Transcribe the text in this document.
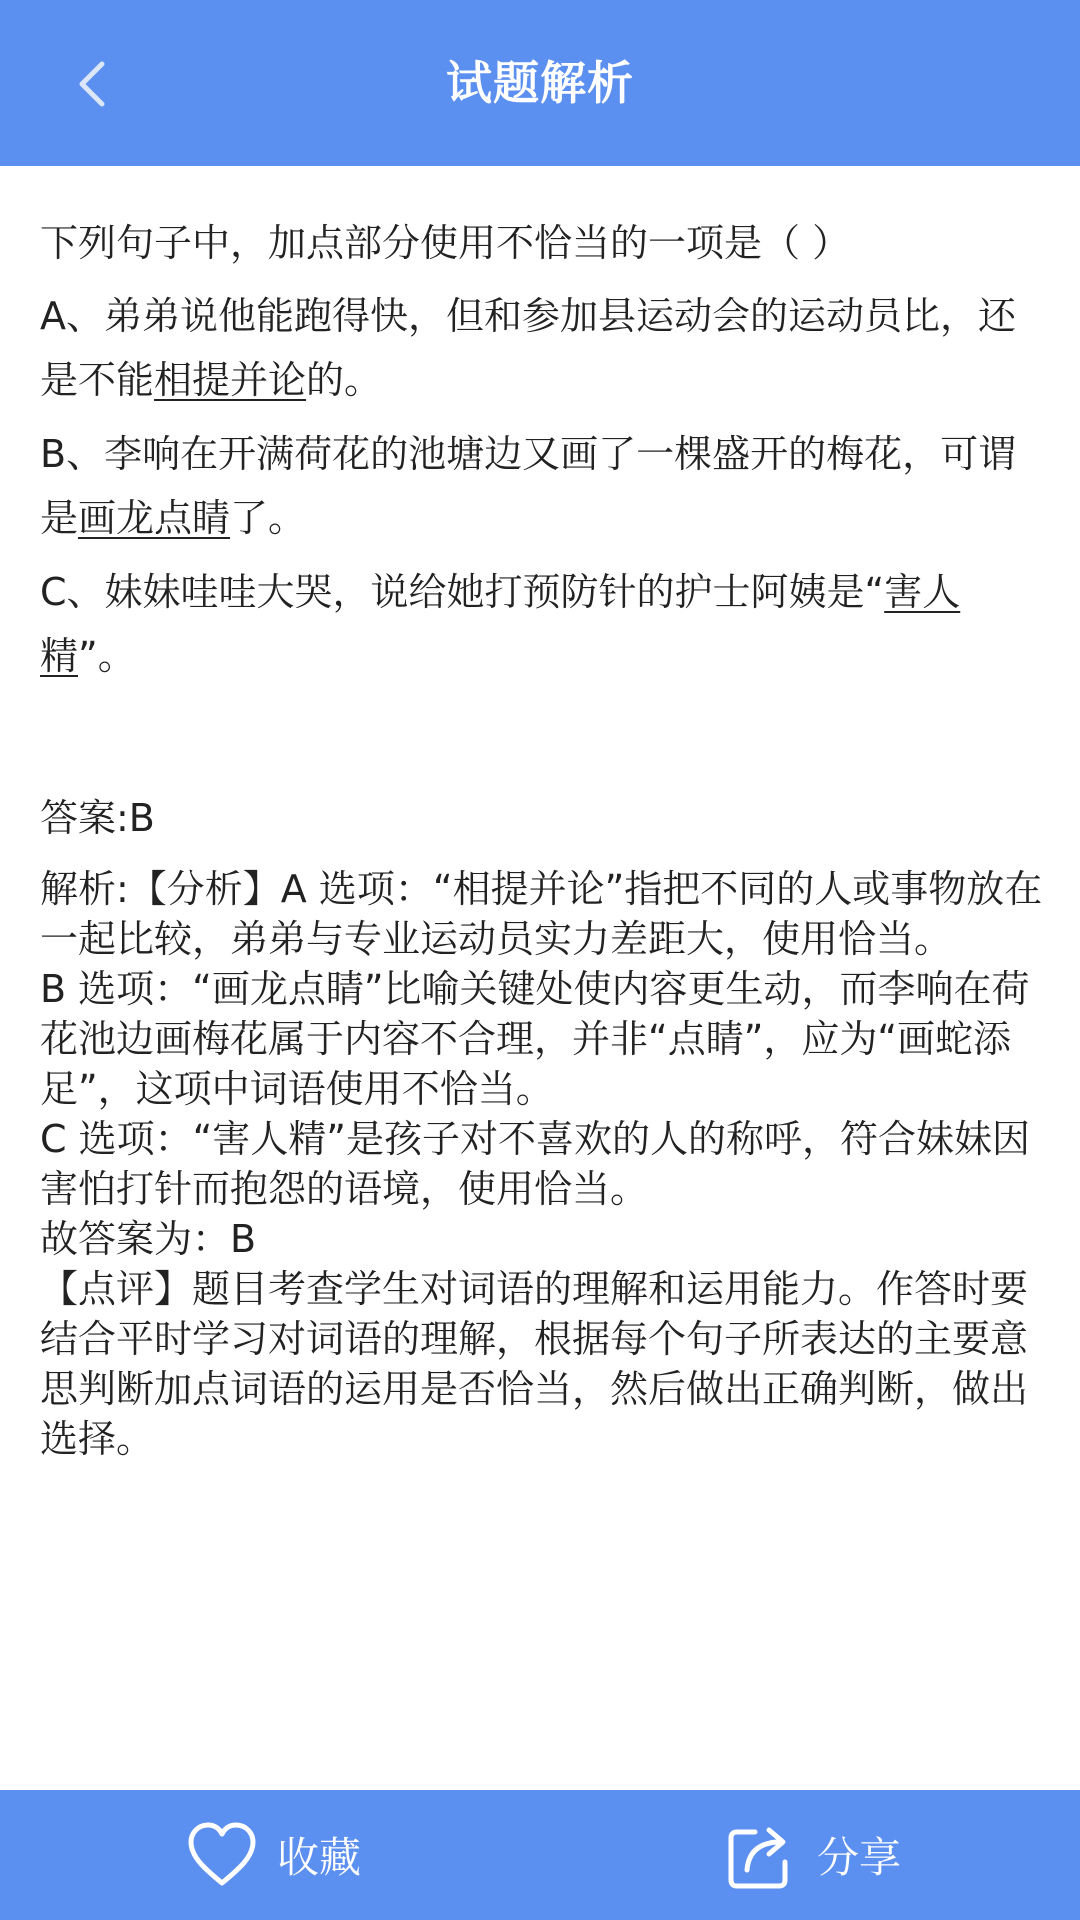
试题解析
下列句子中，加点部分使用不恰当的一项是（ ）
A、弟弟说他能跑得快，但和参加县运动会的运动员比，还是不能相提并论的。
B、李响在开满荷花的池塘边又画了一棵盛开的梅花，可谓是画龙点睛了。
C、妹妹哇哇大哭，说给她打预防针的护士阿姨是“害人精”。
答案:B

解析:【分析】A 选项：“相提并论”指把不同的人或事物放在一起比较，弟弟与专业运动员实力差距大，使用恰当。

B 选项：“画龙点睛”比喻关键处使内容更生动，而李响在荷花池边画梅花属于内容不合理，并非“点睛”，应为“画蛇添足”，这项中词语使用不恰当。

C 选项：“害人精”是孩子对不喜欢的人的称呼，符合妹妹因害怕打针而抱怨的语境，使用恰当。

故答案为：B

【点评】题目考查学生对词语的理解和运用能力。作答时要结合平时学习对词语的理解，根据每个句子所表达的主要意思判断加点词语的运用是否恰当，然后做出正确判断，做出选择。

收藏	分享
